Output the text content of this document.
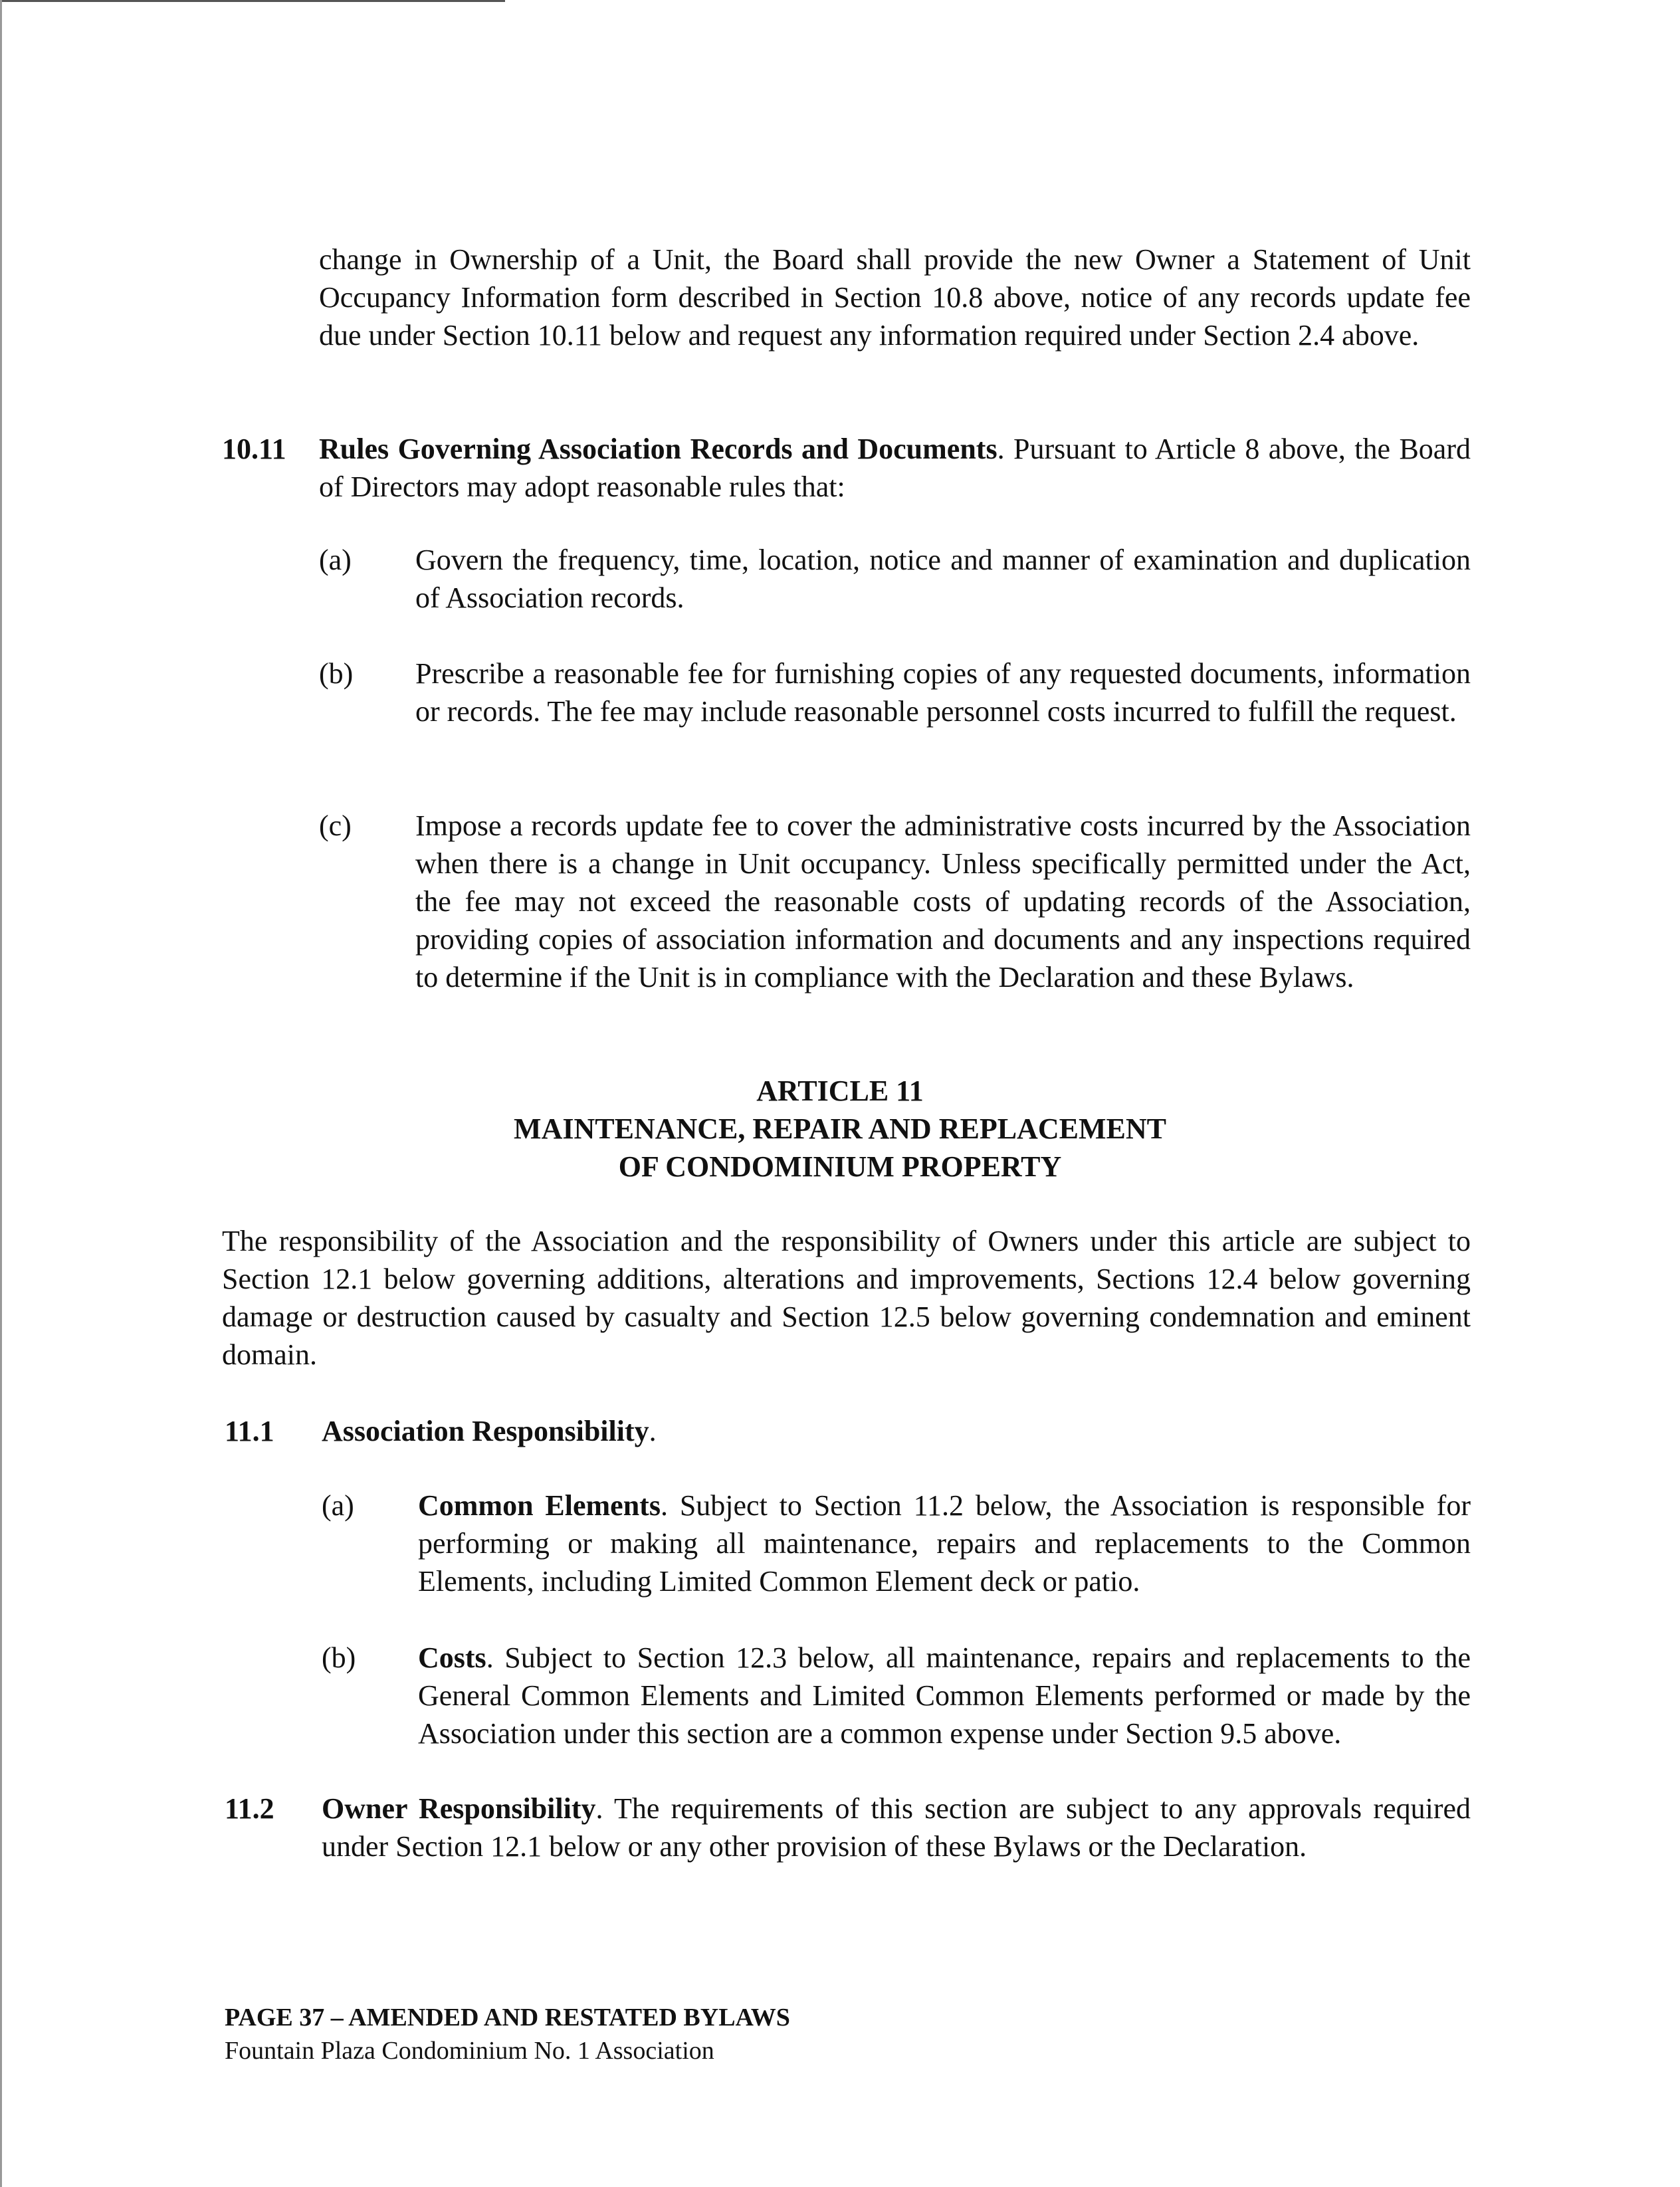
change in Ownership of a Unit, the Board shall provide the new Owner a Statement of Unit Occupancy Information form described in Section 10.8 above, notice of any records update fee due under Section 10.11 below and request any information required under Section 2.4 above.
10.11 Rules Governing Association Records and Documents. Pursuant to Article 8 above, the Board of Directors may adopt reasonable rules that:
(a) Govern the frequency, time, location, notice and manner of examination and duplication of Association records.
(b) Prescribe a reasonable fee for furnishing copies of any requested documents, information or records. The fee may include reasonable personnel costs incurred to fulfill the request.
(c) Impose a records update fee to cover the administrative costs incurred by the Association when there is a change in Unit occupancy. Unless specifically permitted under the Act, the fee may not exceed the reasonable costs of updating records of the Association, providing copies of association information and documents and any inspections required to determine if the Unit is in compliance with the Declaration and these Bylaws.
ARTICLE 11
MAINTENANCE, REPAIR AND REPLACEMENT
OF CONDOMINIUM PROPERTY
The responsibility of the Association and the responsibility of Owners under this article are subject to Section 12.1 below governing additions, alterations and improvements, Sections 12.4 below governing damage or destruction caused by casualty and Section 12.5 below governing condemnation and eminent domain.
11.1 Association Responsibility.
(a) Common Elements. Subject to Section 11.2 below, the Association is responsible for performing or making all maintenance, repairs and replacements to the Common Elements, including Limited Common Element deck or patio.
(b) Costs. Subject to Section 12.3 below, all maintenance, repairs and replacements to the General Common Elements and Limited Common Elements performed or made by the Association under this section are a common expense under Section 9.5 above.
11.2 Owner Responsibility. The requirements of this section are subject to any approvals required under Section 12.1 below or any other provision of these Bylaws or the Declaration.
PAGE 37 – AMENDED AND RESTATED BYLAWS
Fountain Plaza Condominium No. 1 Association
